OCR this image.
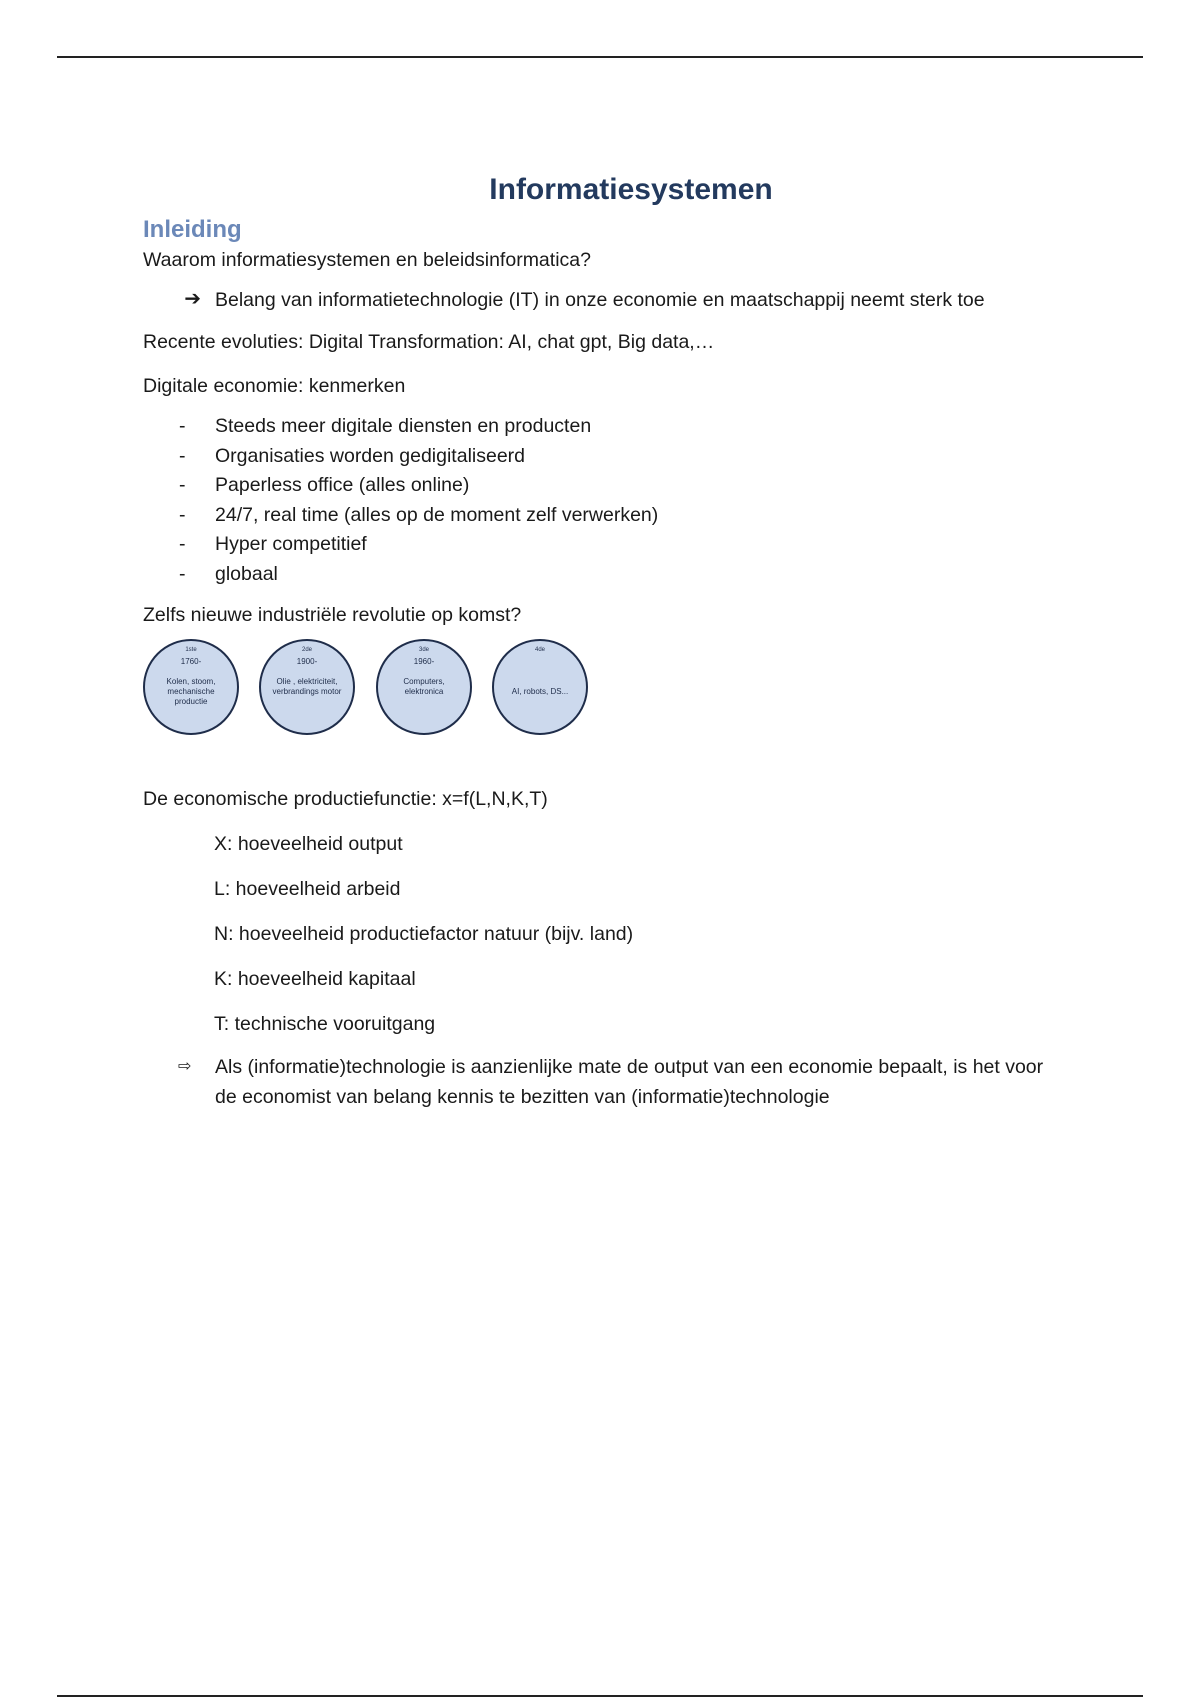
Informatiesystemen
Inleiding

Waarom informatiesystemen en beleidsinformatica?

➔ Belang van informatietechnologie (IT) in onze economie en maatschappij neemt sterk toe

Recente evoluties: Digital Transformation: AI, chat gpt, Big data,…

Digitale economie: kenmerken

-	Steeds meer digitale diensten en producten
-	Organisaties worden gedigitaliseerd
-	Paperless office (alles online)
-	24/7, real time (alles op de moment zelf verwerken)
-	Hyper competitief
-	globaal

Zelfs nieuwe industriële revolutie op komst?

1ste
1760-
Kolen, stoom, mechanische productie
2de
1900-
Olie , elektriciteit, verbrandings motor
3de
1960-
Computers, elektronica
4de
AI, robots, DS...

De economische productiefunctie: x=f(L,N,K,T)

X: hoeveelheid output

L: hoeveelheid arbeid

N: hoeveelheid productiefactor natuur (bijv. land)

K: hoeveelheid kapitaal

T: technische vooruitgang

⇨	Als (informatie)technologie is aanzienlijke mate de output van een economie bepaalt, is het voor de economist van belang kennis te bezitten van (informatie)technologie
